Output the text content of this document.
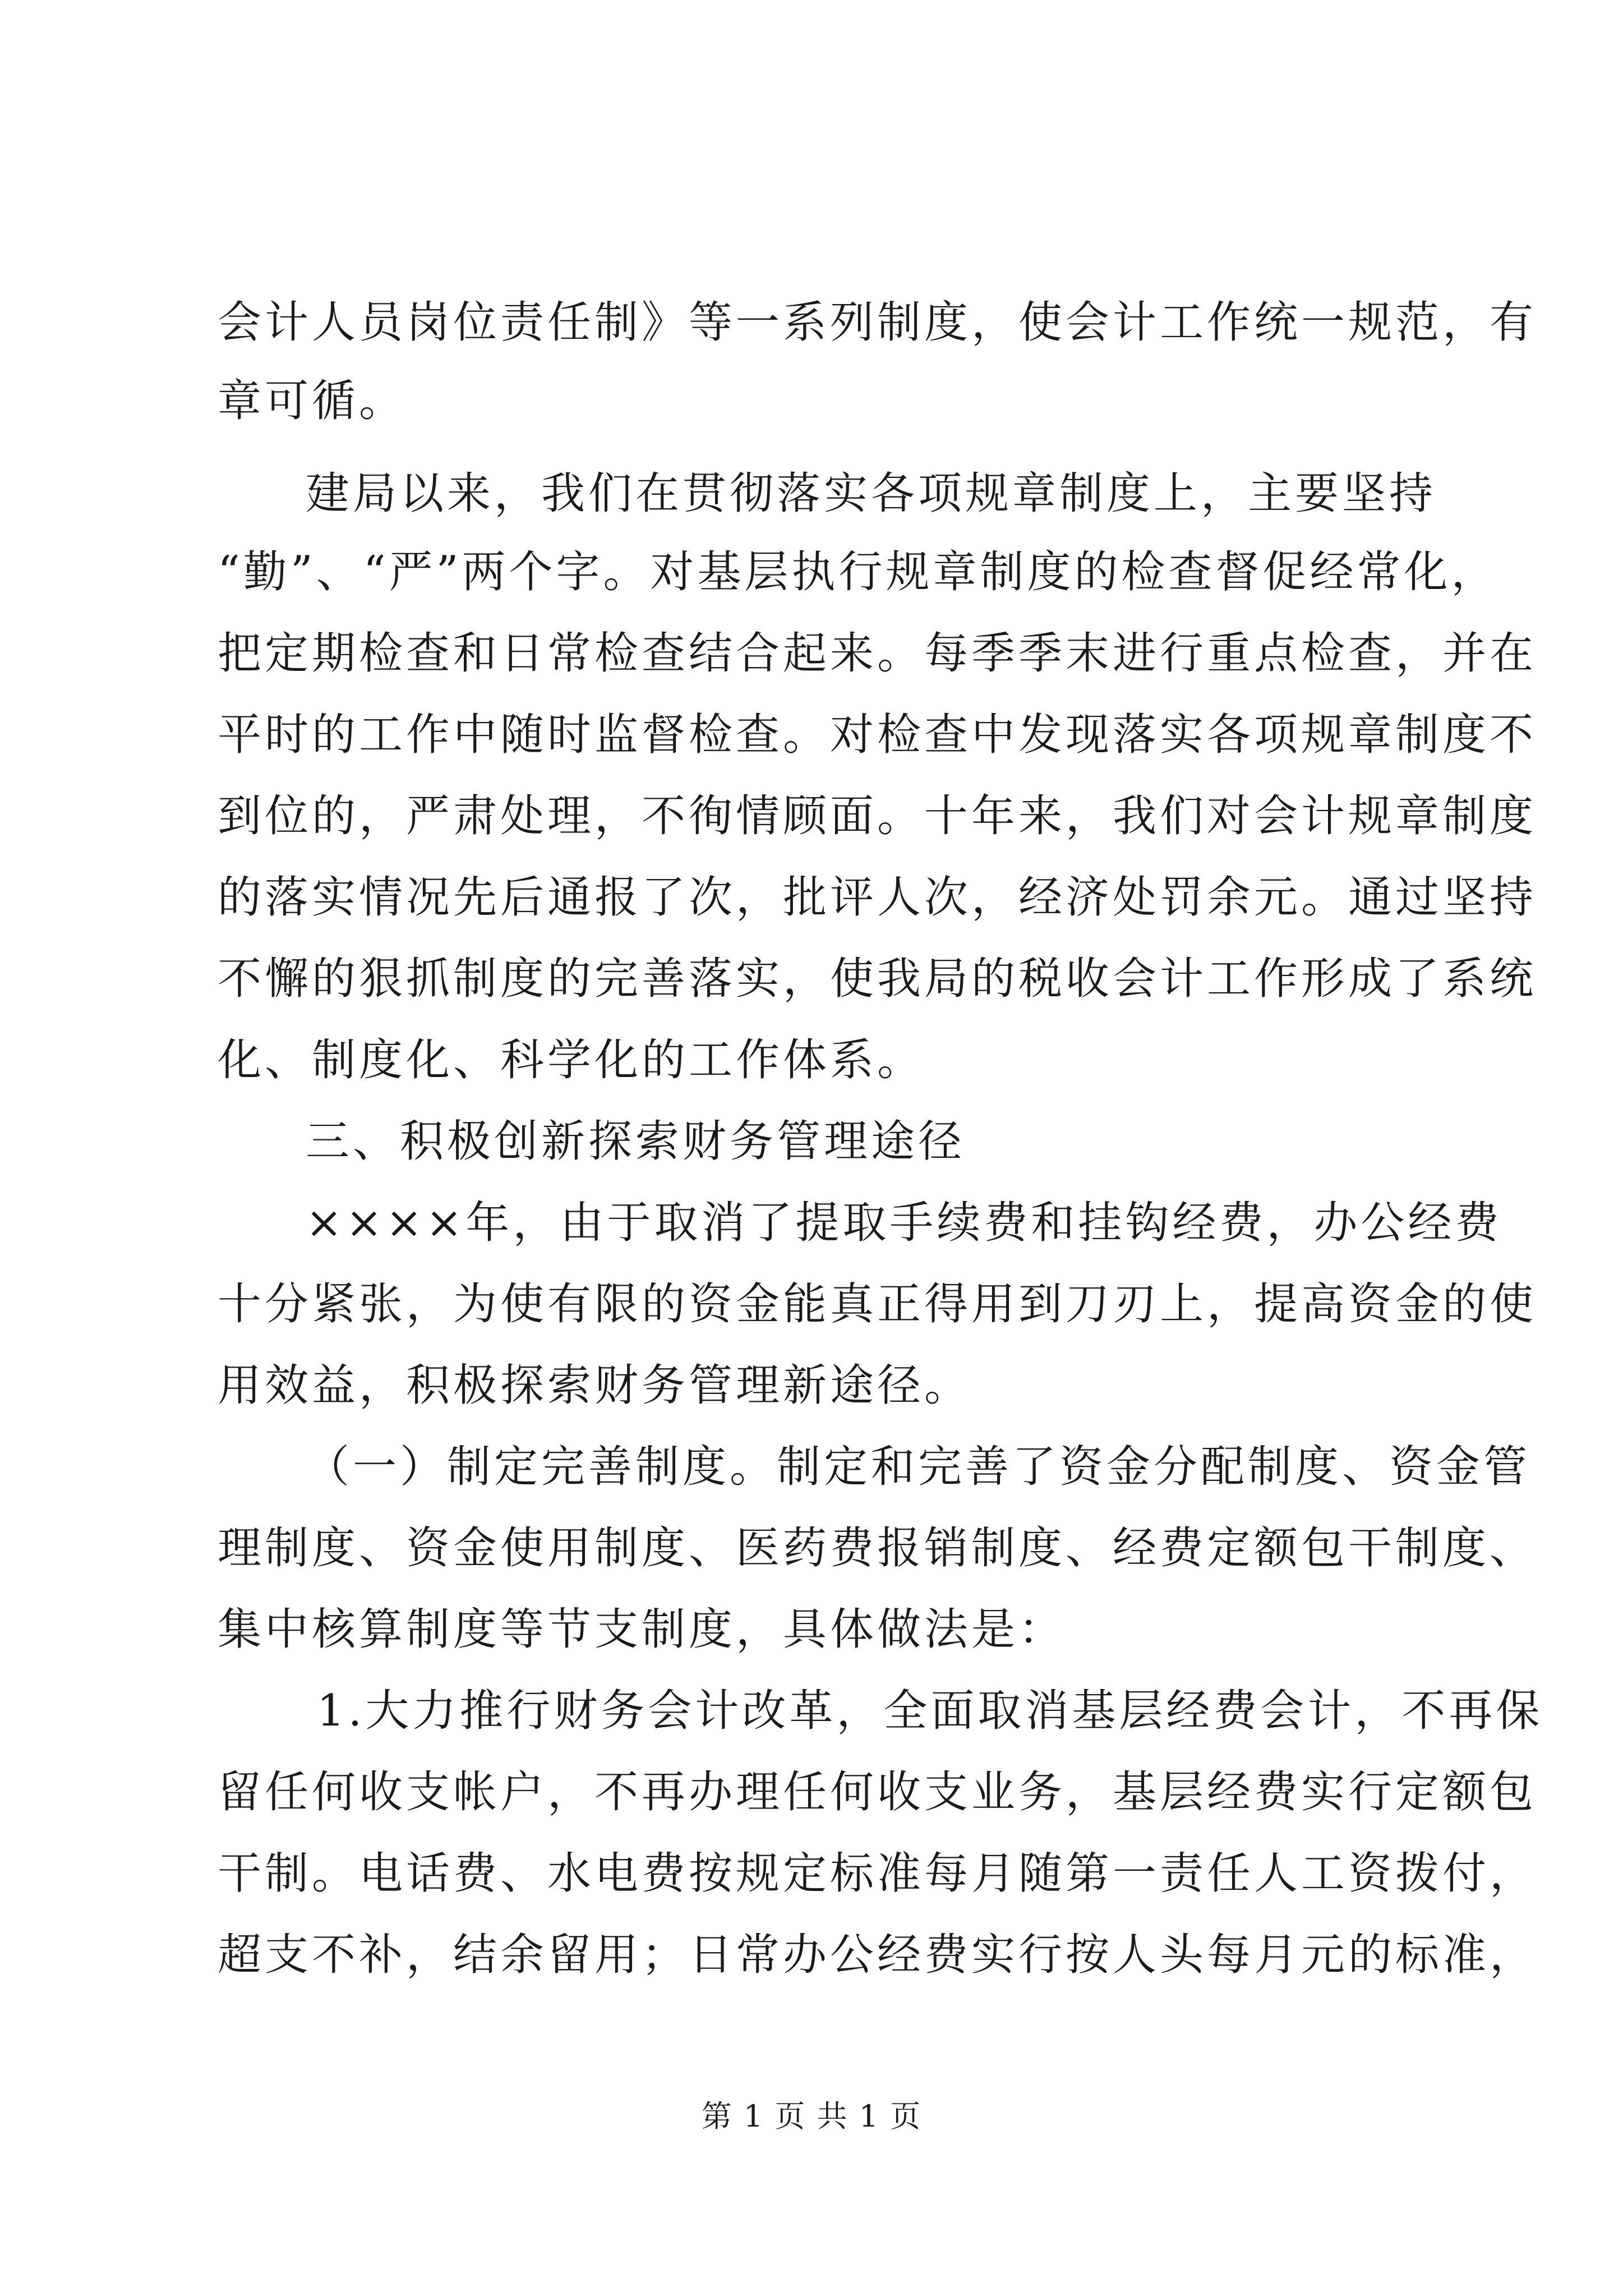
会计人员岗位责任制》等一系列制度，使会计工作统一规范，有
章可循。
建局以来，我们在贯彻落实各项规章制度上，主要坚持
“勤”、“严”两个字。对基层执行规章制度的检查督促经常化，
把定期检查和日常检查结合起来。每季季末进行重点检查，并在
平时的工作中随时监督检查。对检查中发现落实各项规章制度不
到位的，严肃处理，不徇情顾面。十年来，我们对会计规章制度
的落实情况先后通报了次，批评人次，经济处罚余元。通过坚持
不懈的狠抓制度的完善落实，使我局的税收会计工作形成了系统
化、制度化、科学化的工作体系。
三、积极创新探索财务管理途径
××××年，由于取消了提取手续费和挂钩经费，办公经费
十分紧张，为使有限的资金能真正得用到刀刃上，提高资金的使
用效益，积极探索财务管理新途径。
（一）制定完善制度。制定和完善了资金分配制度、资金管
理制度、资金使用制度、医药费报销制度、经费定额包干制度、
集中核算制度等节支制度，具体做法是：
1.大力推行财务会计改革，全面取消基层经费会计，不再保
留任何收支帐户，不再办理任何收支业务，基层经费实行定额包
干制。电话费、水电费按规定标准每月随第一责任人工资拨付，
超支不补，结余留用；日常办公经费实行按人头每月元的标准，
第 1 页 共 1 页
